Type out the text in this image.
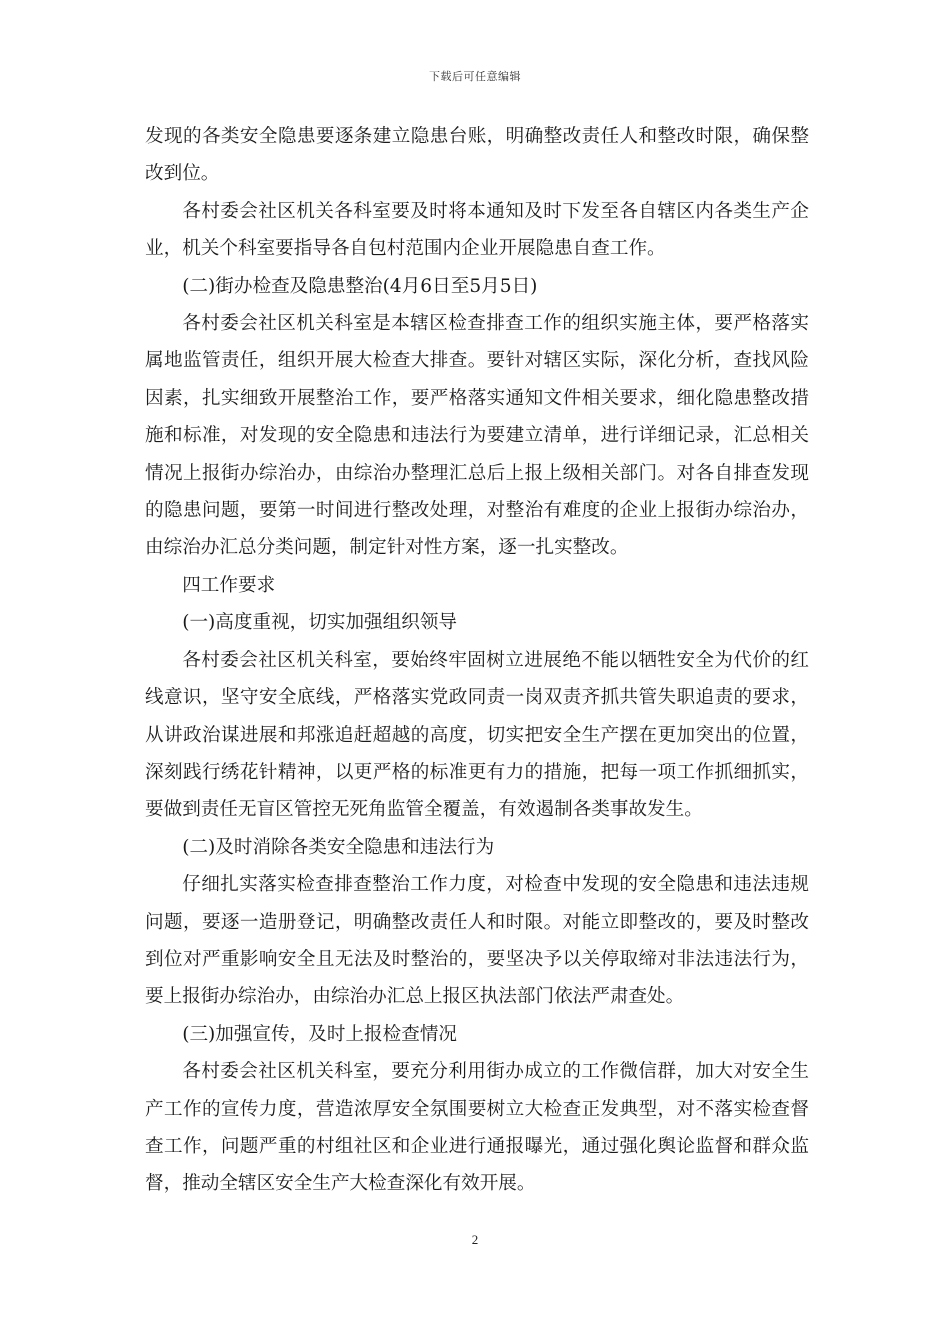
下载后可任意编辑

发现的各类安全隐患要逐条建立隐患台账，明确整改责任人和整改时限，确保整改到位。

各村委会社区机关各科室要及时将本通知及时下发至各自辖区内各类生产企业，机关个科室要指导各自包村范围内企业开展隐患自查工作。

(二)街办检查及隐患整治(4月6日至5月5日)

各村委会社区机关科室是本辖区检查排查工作的组织实施主体，要严格落实属地监管责任，组织开展大检查大排查。要针对辖区实际，深化分析，查找风险因素，扎实细致开展整治工作，要严格落实通知文件相关要求，细化隐患整改措施和标准，对发现的安全隐患和违法行为要建立清单，进行详细记录，汇总相关情况上报街办综治办，由综治办整理汇总后上报上级相关部门。对各自排查发现的隐患问题，要第一时间进行整改处理，对整治有难度的企业上报街办综治办，由综治办汇总分类问题，制定针对性方案，逐一扎实整改。

四工作要求

(一)高度重视，切实加强组织领导

各村委会社区机关科室，要始终牢固树立进展绝不能以牺牲安全为代价的红线意识，坚守安全底线，严格落实党政同责一岗双责齐抓共管失职追责的要求，从讲政治谋进展和邦涨追赶超越的高度，切实把安全生产摆在更加突出的位置，深刻践行绣花针精神，以更严格的标准更有力的措施，把每一项工作抓细抓实，要做到责任无盲区管控无死角监管全覆盖，有效遏制各类事故发生。

(二)及时消除各类安全隐患和违法行为

仔细扎实落实检查排查整治工作力度，对检查中发现的安全隐患和违法违规问题，要逐一造册登记，明确整改责任人和时限。对能立即整改的，要及时整改到位对严重影响安全且无法及时整治的，要坚决予以关停取缔对非法违法行为，要上报街办综治办，由综治办汇总上报区执法部门依法严肃查处。

(三)加强宣传，及时上报检查情况

各村委会社区机关科室，要充分利用街办成立的工作微信群，加大对安全生产工作的宣传力度，营造浓厚安全氛围要树立大检查正发典型，对不落实检查督查工作，问题严重的村组社区和企业进行通报曝光，通过强化舆论监督和群众监督，推动全辖区安全生产大检查深化有效开展。

2
